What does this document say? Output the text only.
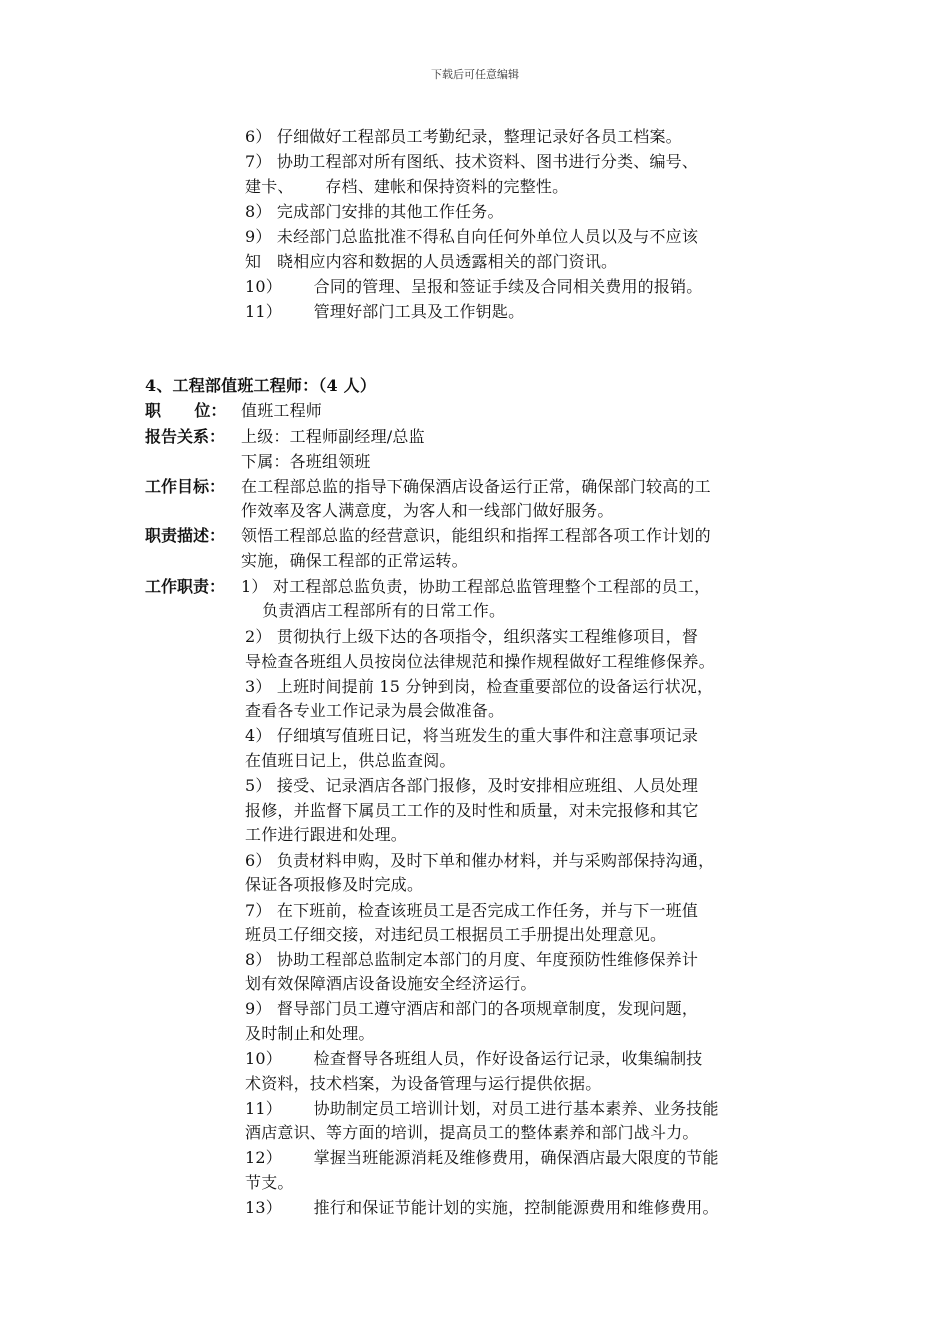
下载后可任意编辑
6） 仔细做好工程部员工考勤纪录，整理记录好各员工档案。
7） 协助工程部对所有图纸、技术资料、图书进行分类、编号、
建卡、      存档、建帐和保持资料的完整性。
8） 完成部门安排的其他工作任务。
9） 未经部门总监批准不得私自向任何外单位人员以及与不应该
知   晓相应内容和数据的人员透露相关的部门资讯。
10）      合同的管理、呈报和签证手续及合同相关费用的报销。
11）      管理好部门工具及工作钥匙。
4、工程部值班工程师：（4 人）
职      位： 值班工程师
报告关系： 上级：工程师副经理/总监
下属：各班组领班
工作目标： 在工程部总监的指导下确保酒店设备运行正常，确保部门较高的工
作效率及客人满意度，为客人和一线部门做好服务。
职责描述： 领悟工程部总监的经营意识，能组织和指挥工程部各项工作计划的
实施，确保工程部的正常运转。
工作职责： 1） 对工程部总监负责，协助工程部总监管理整个工程部的员工，
负责酒店工程部所有的日常工作。
2） 贯彻执行上级下达的各项指令，组织落实工程维修项目，督
导检查各班组人员按岗位法律规范和操作规程做好工程维修保养。
3） 上班时间提前 15 分钟到岗，检查重要部位的设备运行状况，
查看各专业工作记录为晨会做准备。
4） 仔细填写值班日记，将当班发生的重大事件和注意事项记录
在值班日记上，供总监查阅。
5） 接受、记录酒店各部门报修，及时安排相应班组、人员处理
报修，并监督下属员工工作的及时性和质量，对未完报修和其它
工作进行跟进和处理。
6） 负责材料申购，及时下单和催办材料，并与采购部保持沟通，
保证各项报修及时完成。
7） 在下班前，检查该班员工是否完成工作任务，并与下一班值
班员工仔细交接，对违纪员工根据员工手册提出处理意见。
8） 协助工程部总监制定本部门的月度、年度预防性维修保养计
划有效保障酒店设备设施安全经济运行。
9） 督导部门员工遵守酒店和部门的各项规章制度，发现问题，
及时制止和处理。
10）      检查督导各班组人员，作好设备运行记录，收集编制技
术资料，技术档案，为设备管理与运行提供依据。
11）      协助制定员工培训计划，对员工进行基本素养、业务技能
酒店意识、等方面的培训，提高员工的整体素养和部门战斗力。
12）      掌握当班能源消耗及维修费用，确保酒店最大限度的节能
节支。
13）      推行和保证节能计划的实施，控制能源费用和维修费用。
